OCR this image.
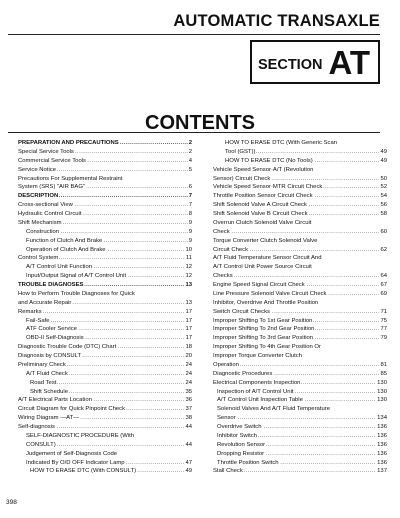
AUTOMATIC TRANSAXLE
SECTION AT
CONTENTS
..... PREPARATION AND PRECAUTIONS	2
..... Special Service Tools	2
..... Commercial Service Tools	4
..... Service Notice	5
Precautions For Supplemental Restraint
..... System (SRS) "AIR BAG"	6
..... DESCRIPTION	7
..... Cross-sectional View	7
..... Hydraulic Control Circuit	8
..... Shift Mechanism	9
..... Construction	9
..... Function of Clutch And Brake	9
..... Operation of Clutch And Brake	10
..... Control System	11
..... A/T Control Unit Function	12
..... Input/Output Signal of A/T Control Unit	12
..... TROUBLE DIAGNOSES	13
How to Perform Trouble Diagnoses for Quick
..... and Accurate Repair	13
..... Remarks	17
..... Fail-Safe	17
..... ATF Cooler Service	17
..... OBD-II Self-Diagnosis	17
..... Diagnostic Trouble Code (DTC) Chart	18
..... Diagnosis by CONSULT	20
..... Preliminary Check	24
..... A/T Fluid Check	24
..... Road Test	24
..... Shift Schedule	35
..... A/T Electrical Parts Location	36
..... Circuit Diagram for Quick Pinpoint Check	37
..... Wiring Diagram —AT—	38
..... Self-diagnosis	44
SELF-DIAGNOSTIC PROCEDURE (With
..... CONSULT)	44
Judgement of Self-Diagnosis Code
..... Indicated By O/D OFF Indicator Lamp	47
..... HOW TO ERASE DTC (With CONSULT)	49
HOW TO ERASE DTC (With Generic Scan
..... Tool (GST))	49
..... HOW TO ERASE DTC (No Tools)	49
Vehicle Speed Sensor·A/T (Revolution
..... Sensor) Circuit Check	50
..... Vehicle Speed Sensor·MTR Circuit Check	52
..... Throttle Position Sensor Circuit Check	54
..... Shift Solenoid Valve A Circuit Check	56
..... Shift Solenoid Valve B Circuit Check	58
Overrun Clutch Solenoid Valve Circuit
..... Check	60
Torque Converter Clutch Solenoid Valve
..... Circuit Check	62
A/T Fluid Temperature Sensor Circuit And
A/T Control Unit Power Source Circuit
..... Checks	64
..... Engine Speed Signal Circuit Check	67
..... Line Pressure Solenoid Valve Circuit Check	69
Inhibitor, Overdrive And Throttle Position
..... Switch Circuit Checks	71
..... Improper Shifting To 1st Gear Position	75
..... Improper Shifting To 2nd Gear Position	77
..... Improper Shifting To 3rd Gear Position	79
Improper Shifting To 4th Gear Position Or
Improper Torque Converter Clutch
..... Operation	81
..... Diagnostic Procedures	85
..... Electrical Components Inspection	130
..... Inspection of A/T Control Unit	130
..... A/T Control Unit Inspection Table	130
Solenoid Valves And A/T Fluid Temperature
..... Sensor	134
..... Overdrive Switch	136
..... Inhibitor Switch	136
..... Revolution Sensor	136
..... Dropping Resistor	136
..... Throttle Position Switch	136
..... Stall Check	137
398
